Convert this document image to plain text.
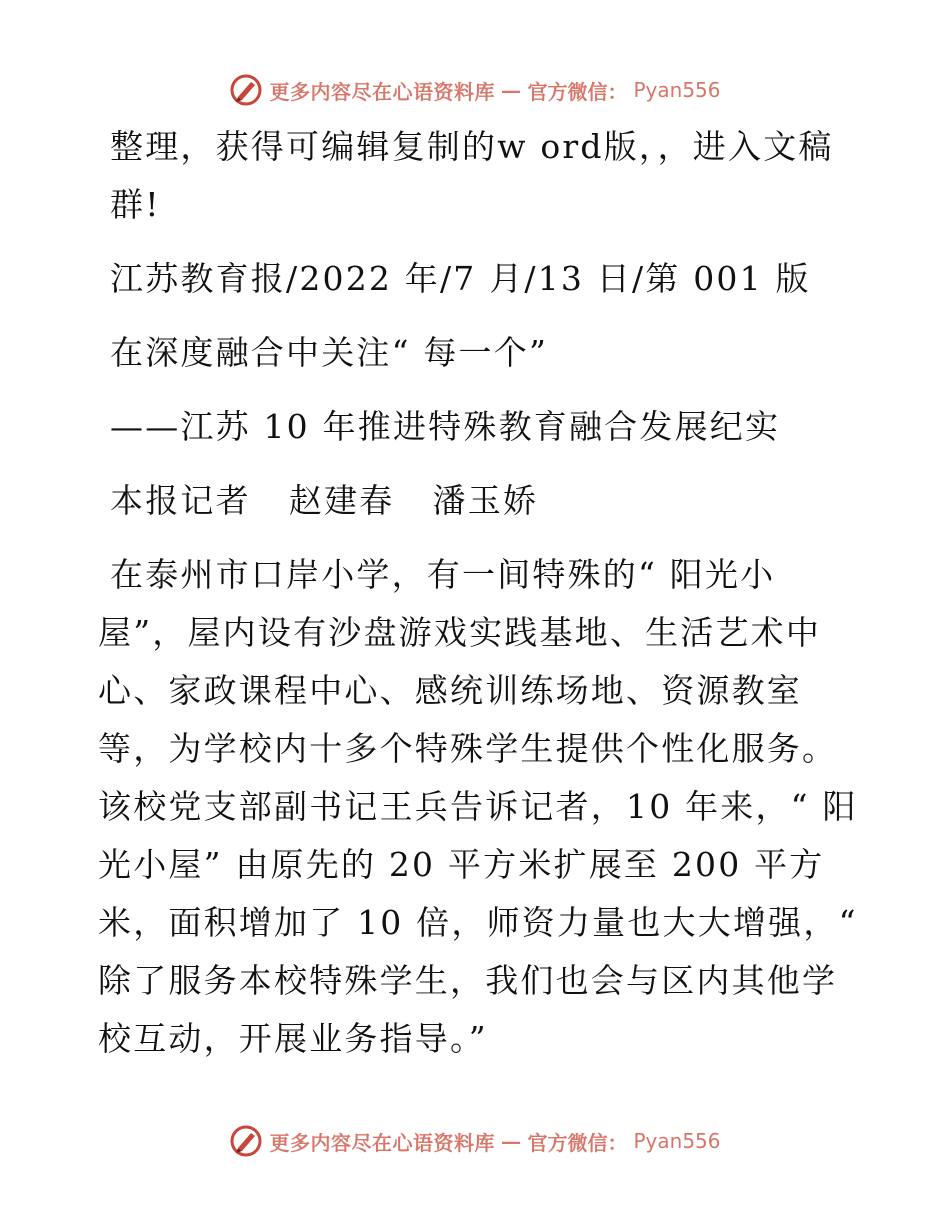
更多内容尽在心语资料库 — 官方微信： Pyan556

整理，获得可编辑复制的w ord版，，进入文稿群!

江苏教育报/2022 年/7 月/13 日/第 001 版

在深度融合中关注“ 每一个”

——江苏 10 年推进特殊教育融合发展纪实

本报记者   赵建春   潘玉娇

在泰州市口岸小学，有一间特殊的“ 阳光小屋”，屋内设有沙盘游戏实践基地、生活艺术中心、家政课程中心、感统训练场地、资源教室等，为学校内十多个特殊学生提供个性化服务。该校党支部副书记王兵告诉记者，10 年来，“ 阳光小屋” 由原先的 20 平方米扩展至 200 平方米，面积增加了 10 倍，师资力量也大大增强，“ 除了服务本校特殊学生，我们也会与区内其他学校互动，开展业务指导。”

更多内容尽在心语资料库 — 官方微信： Pyan556
